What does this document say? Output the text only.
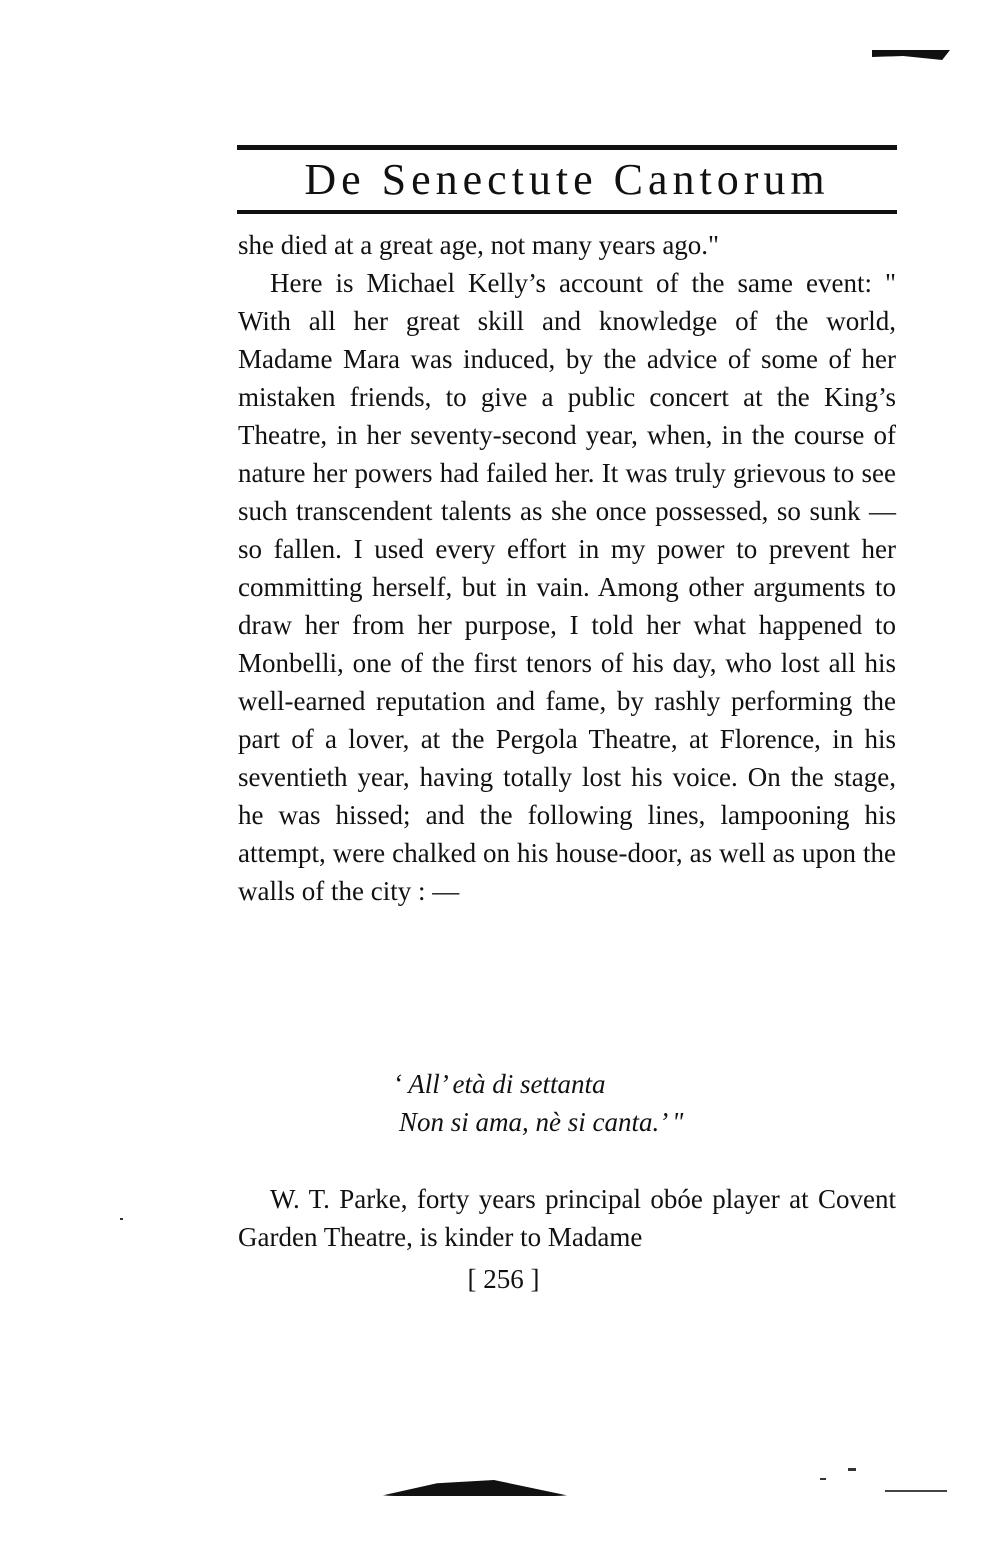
De Senectute Cantorum

she died at a great age, not many years ago."

Here is Michael Kelly’s account of the same event: " With all her great skill and knowledge of the world, Madame Mara was induced, by the advice of some of her mistaken friends, to give a public concert at the King’s Theatre, in her seventy-second year, when, in the course of nature her powers had failed her. It was truly grievous to see such transcendent talents as she once possessed, so sunk — so fallen. I used every effort in my power to prevent her committing herself, but in vain. Among other arguments to draw her from her purpose, I told her what happened to Monbelli, one of the first tenors of his day, who lost all his well-earned reputation and fame, by rashly performing the part of a lover, at the Pergola Theatre, at Florence, in his seventieth year, having totally lost his voice. On the stage, he was hissed; and the following lines, lampooning his attempt, were chalked on his house-door, as well as upon the walls of the city : —

‘ All’ età di settanta
Non si ama, nè si canta.’ "

W. T. Parke, forty years principal obóe player at Covent Garden Theatre, is kinder to Madame

[ 256 ]
